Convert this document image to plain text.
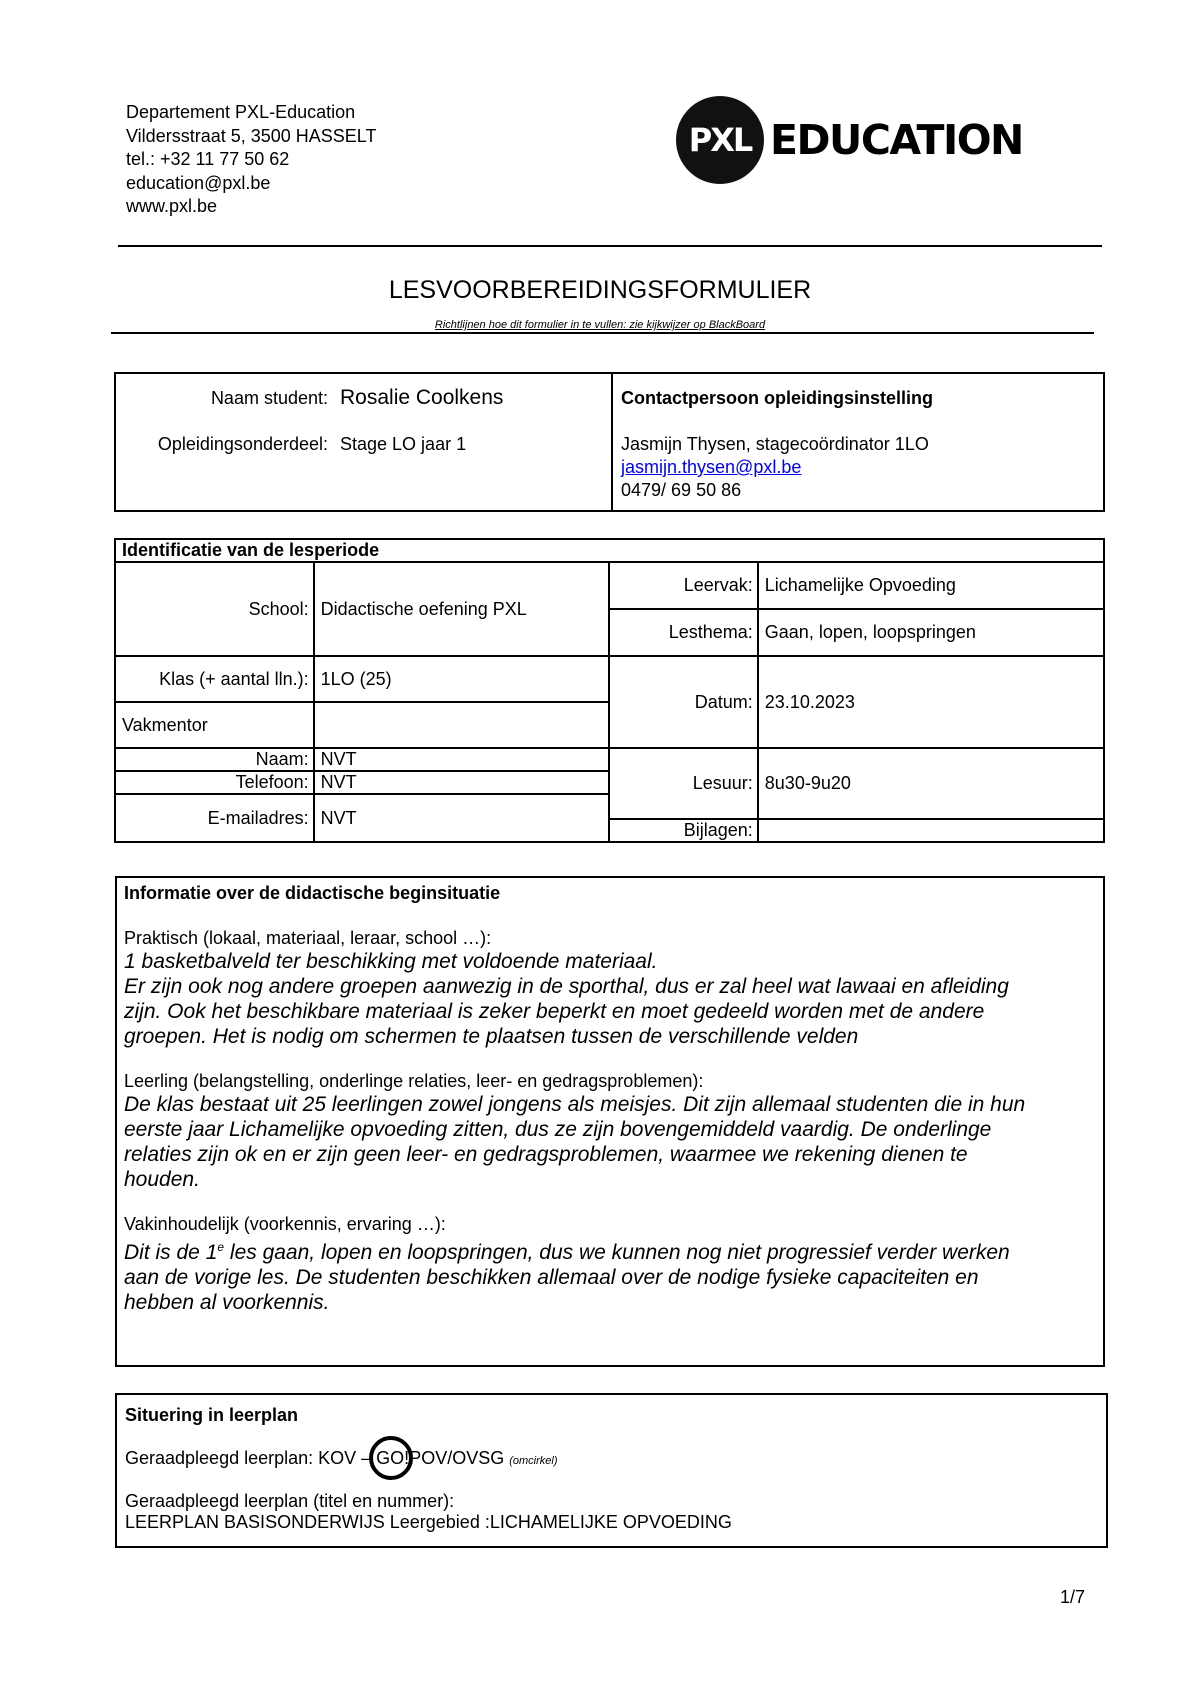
Departement PXL-Education
Vildersstraat 5, 3500 HASSELT
tel.: +32 11 77 50 62
education@pxl.be
www.pxl.be
PXL EDUCATION
LESVOORBEREIDINGSFORMULIER
Richtlijnen hoe dit formulier in te vullen: zie kijkwijzer op BlackBoard
Naam student: Rosalie Coolkens
Opleidingsonderdeel: Stage LO jaar 1
Contactpersoon opleidingsinstelling
Jasmijn Thysen, stagecoördinator 1LO
jasmijn.thysen@pxl.be
0479/ 69 50 86
Identificatie van de lesperiode			
School:	Didactische oefening PXL	Leervak:	Lichamelijke Opvoeding
		Lesthema:	Gaan, lopen, loopspringen
Klas (+ aantal lln.):	1LO (25)	Datum:	23.10.2023
Vakmentor			
Naam:	NVT	Lesuur:	8u30-9u20
Telefoon:	NVT		
E-mailadres:	NVT		
		Bijlagen:	
Informatie over de didactische beginsituatie
Praktisch (lokaal, materiaal, leraar, school …):
1 basketbalveld ter beschikking met voldoende materiaal.
Er zijn ook nog andere groepen aanwezig in de sporthal, dus er zal heel wat lawaai en afleiding
zijn. Ook het beschikbare materiaal is zeker beperkt en moet gedeeld worden met de andere
groepen. Het is nodig om schermen te plaatsen tussen de verschillende velden
Leerling (belangstelling, onderlinge relaties, leer- en gedragsproblemen):
De klas bestaat uit 25 leerlingen zowel jongens als meisjes. Dit zijn allemaal studenten die in hun
eerste jaar Lichamelijke opvoeding zitten, dus ze zijn bovengemiddeld vaardig. De onderlinge
relaties zijn ok en er zijn geen leer- en gedragsproblemen, waarmee we rekening dienen te
houden.
Vakinhoudelijk (voorkennis, ervaring …):
Dit is de 1e les gaan, lopen en loopspringen, dus we kunnen nog niet progressief verder werken
aan de vorige les. De studenten beschikken allemaal over de nodige fysieke capaciteiten en
hebben al voorkennis.
Situering in leerplan
Geraadpleegd leerplan: KOV – GO!
POV/OVSG (omcirkel)
Geraadpleegd leerplan (titel en nummer):
LEERPLAN BASISONDERWIJS Leergebied :LICHAMELIJKE OPVOEDING
1/7
